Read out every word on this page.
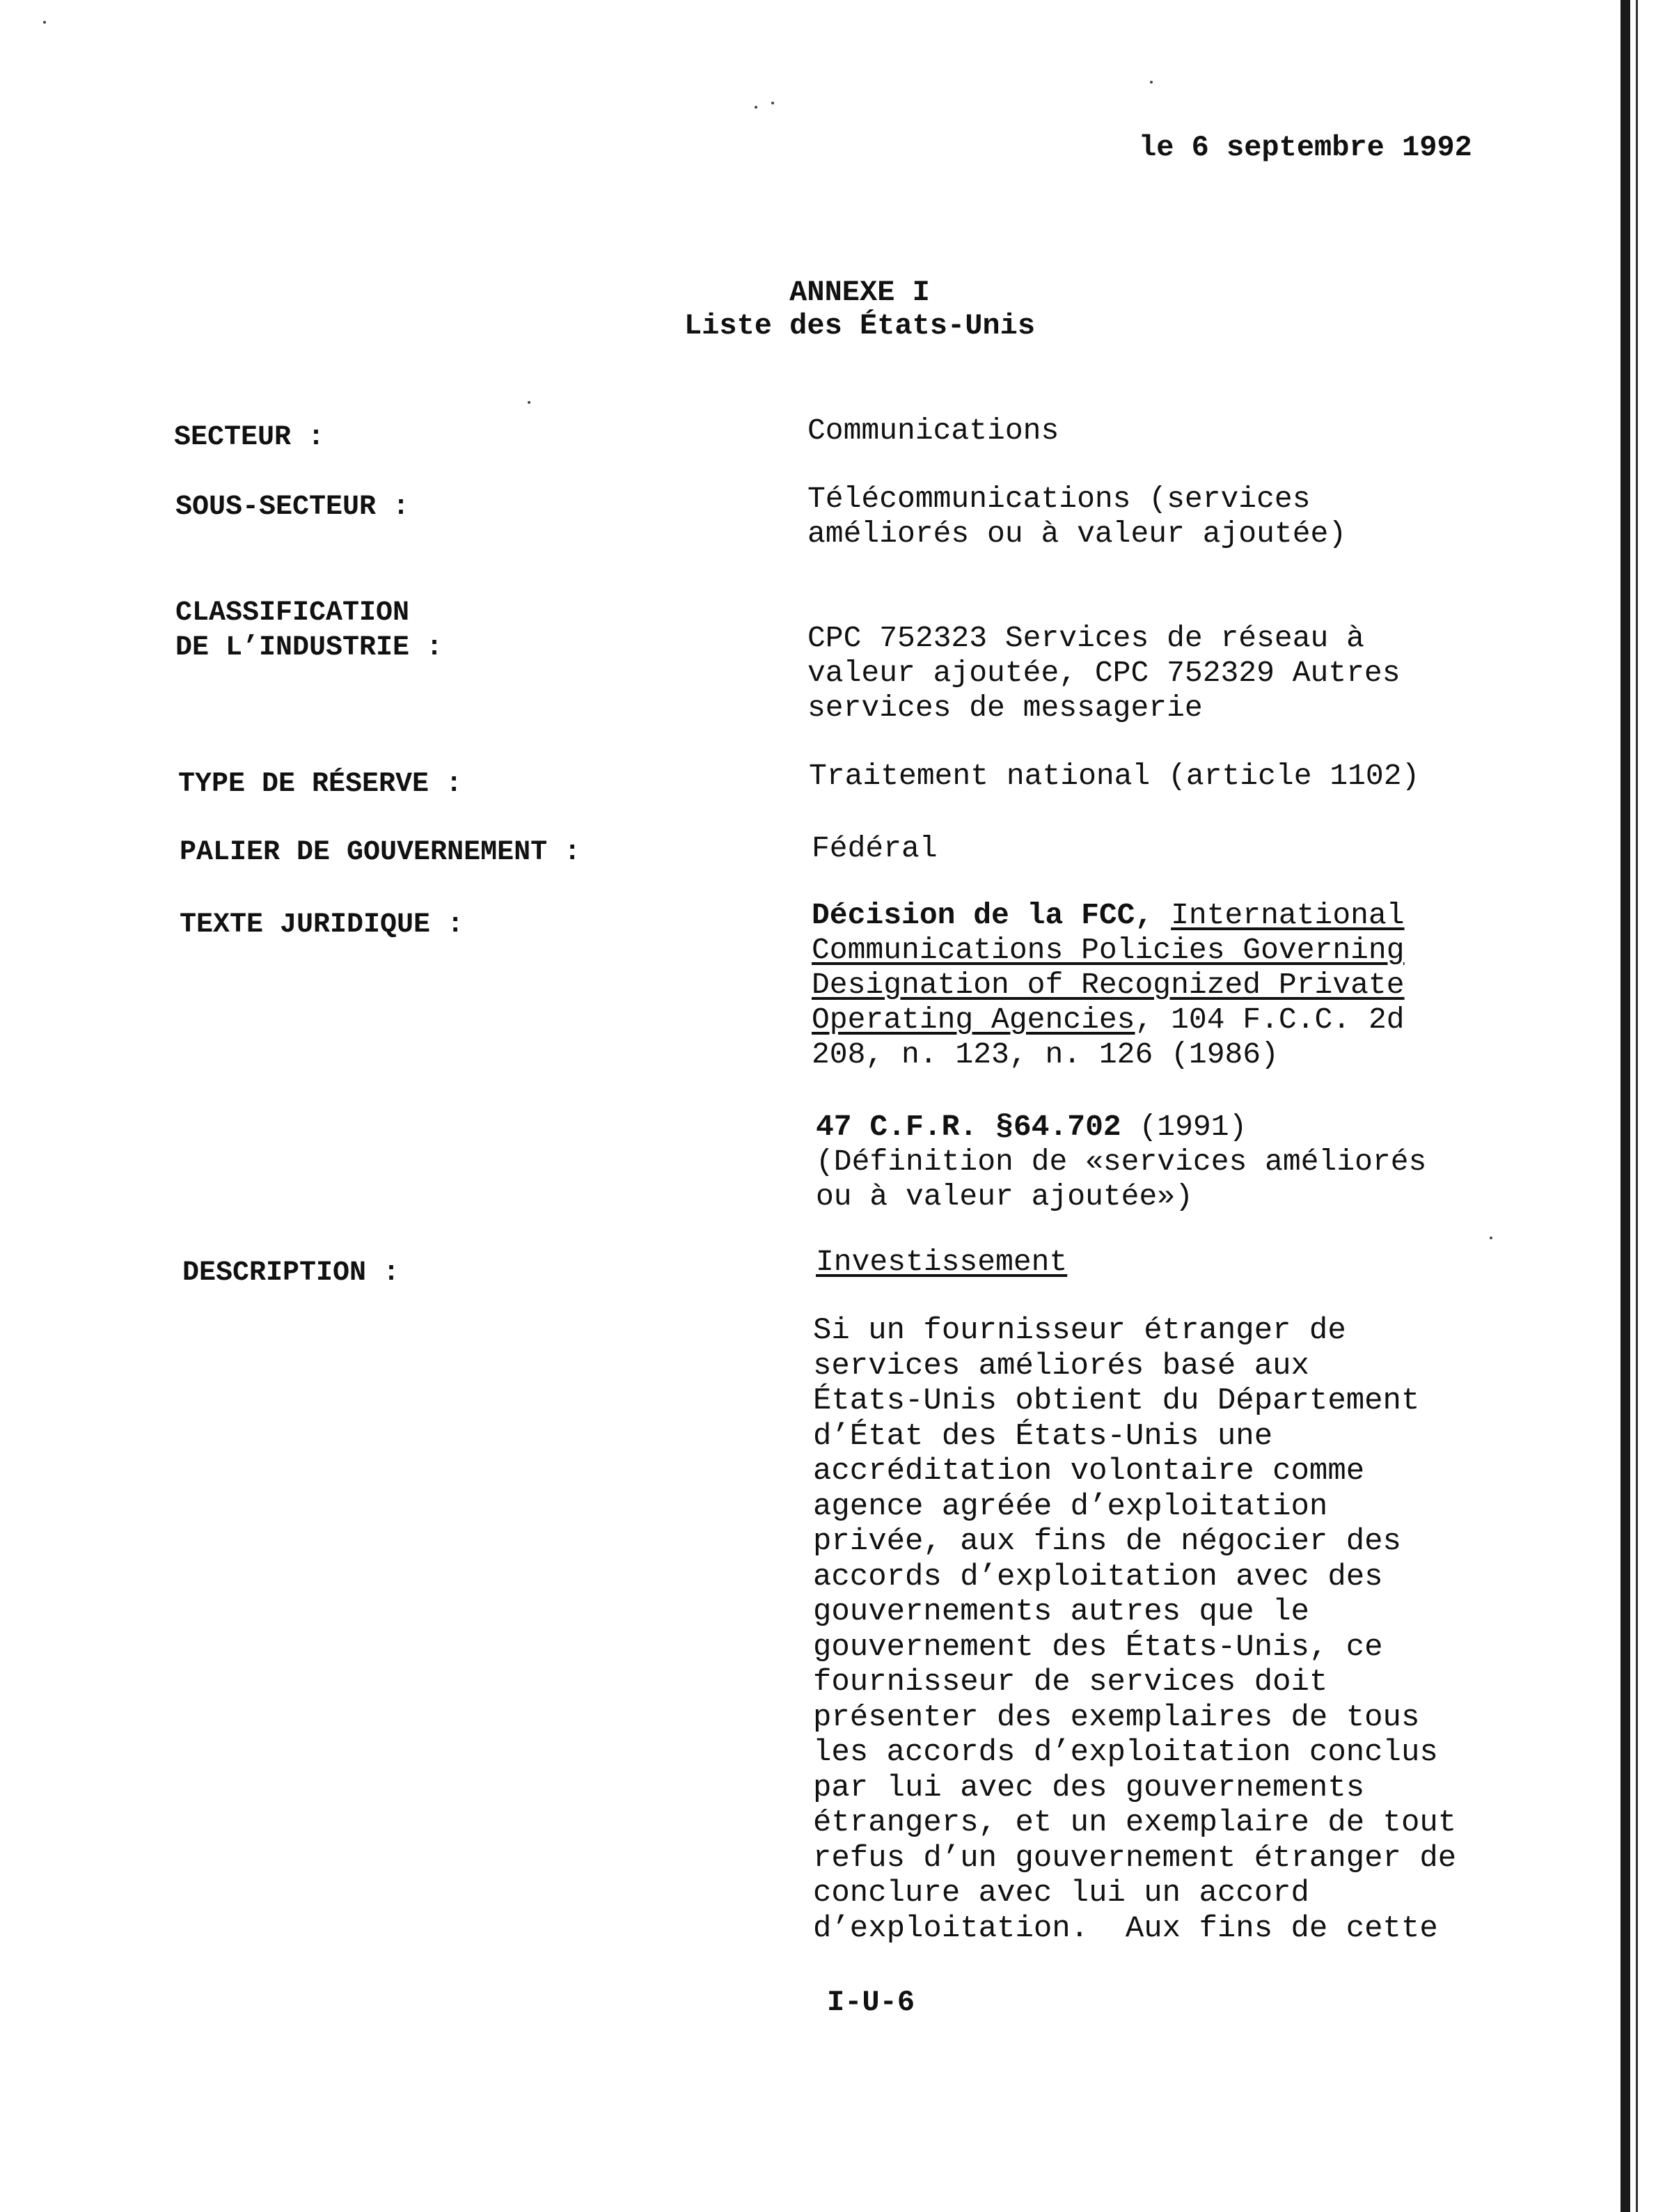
le 6 septembre 1992
ANNEXE I
Liste des États-Unis
SECTEUR :	Communications
SOUS-SECTEUR :	Télécommunications (services
améliorés ou à valeur ajoutée)
CLASSIFICATION
DE L’INDUSTRIE :	CPC 752323 Services de réseau à
valeur ajoutée, CPC 752329 Autres
services de messagerie
TYPE DE RÉSERVE :	Traitement national (article 1102)
PALIER DE GOUVERNEMENT :	Fédéral
TEXTE JURIDIQUE :	Décision de la FCC, International
Communications Policies Governing
Designation of Recognized Private
Operating Agencies, 104 F.C.C. 2d
208, n. 123, n. 126 (1986)
47 C.F.R. §64.702 (1991)
(Définition de «services améliorés
ou à valeur ajoutée»)
DESCRIPTION :	Investissement
Si un fournisseur étranger de
services améliorés basé aux
États-Unis obtient du Département
d’État des États-Unis une
accréditation volontaire comme
agence agréée d’exploitation
privée, aux fins de négocier des
accords d’exploitation avec des
gouvernements autres que le
gouvernement des États-Unis, ce
fournisseur de services doit
présenter des exemplaires de tous
les accords d’exploitation conclus
par lui avec des gouvernements
étrangers, et un exemplaire de tout
refus d’un gouvernement étranger de
conclure avec lui un accord
d’exploitation.  Aux fins de cette
I-U-6
